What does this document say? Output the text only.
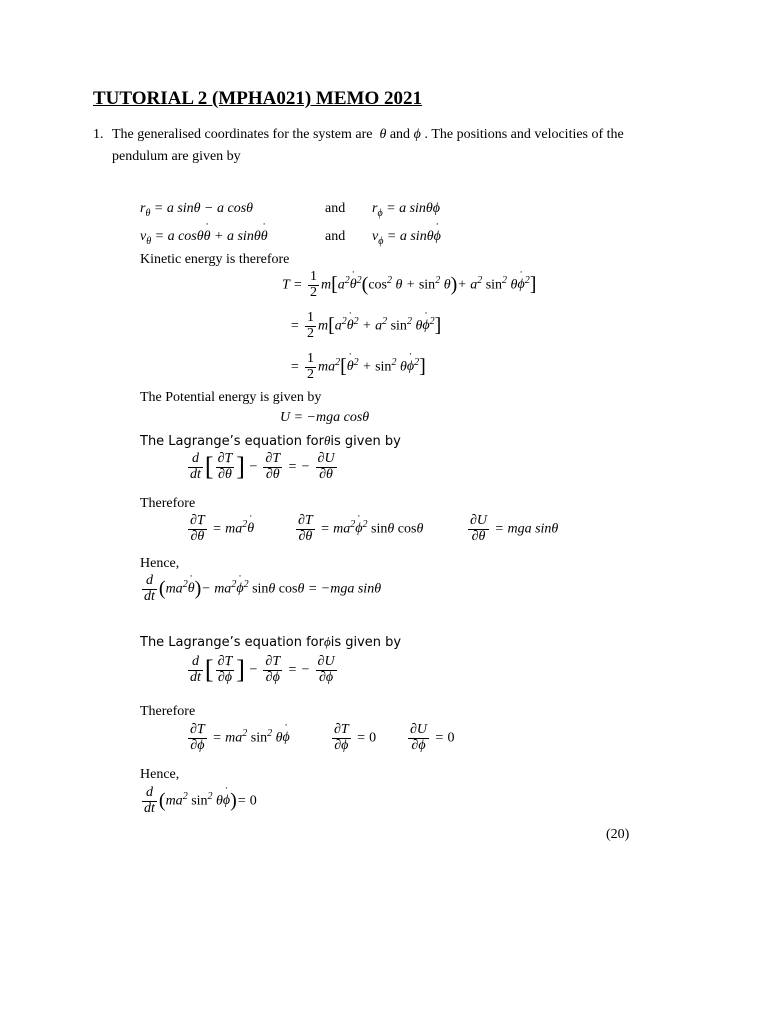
TUTORIAL 2 (MPHA021) MEMO 2021
1. The generalised coordinates for the system are  θ and ϕ . The positions and velocities of the
pendulum are given by
$r_\theta = a$ sinθ − a cosθ	and $r_\phi = a$ sinθϕ
$v_\theta = a$ cosθθ ˙ + a sinθθ ˙	and $v_\phi = a$ sinθϕ ˙
Kinetic energy is therefore
$T = \frac{1}{2} m[a^2\theta$ $˙^2(\cos^2$ $\theta + \sin^2 \theta)+ a^2$ $\sin^2 \theta\phi$ ˙$^2$]
= $\frac{1}{2} m[a^2\theta$ ˙$^2$ + $a^2$ $\sin^2 \theta\phi$ ˙$^2$]
= $\frac{1}{2} ma^2[\theta$ ˙$^2$ + $\sin^2 \theta\phi$ ˙$^2$]
The Potential energy is given by
U = −mga cosθ
The Lagrange’s equation forθis given by
$\frac{d}{dt}$ [ $\frac{\partial T}{\partial\theta}$ ˙ ] − $\frac{\partial T}{\partial\theta}$ = − $\frac{\partial U}{\partial\theta}$
Therefore
$\frac{\partial T}{\partial\theta}$ ˙ = $ma^2\theta$ ˙	$\frac{\partial T}{\partial\theta} = ma^2\phi$ ˙$^2$ sinθ cosθ	$\frac{\partial U}{\partial\theta}$ = mga sinθ
Hence,
$\frac{d}{dt} (ma^2\theta$ ˙)− $ma^2\phi$ ˙$^2$ sinθ cosθ = −mga sinθ
The Lagrange’s equation forϕis given by
$\frac{d}{dt}$ [ $\frac{\partial T}{\partial\phi}$ ˙ ] − $\frac{\partial T}{\partial\phi}$ = − $\frac{\partial U}{\partial\phi}$
Therefore
$\frac{\partial T}{\partial\phi}$ ˙ = $ma^2$ $\sin^2 \theta\phi$ ˙	$\frac{\partial T}{\partial\phi} = 0 \frac{\partial U}{\partial\phi} = 0$
Hence,
$\frac{d}{dt} (ma^2$ $\sin^2 \theta\phi$ ˙)= 0
(20)
